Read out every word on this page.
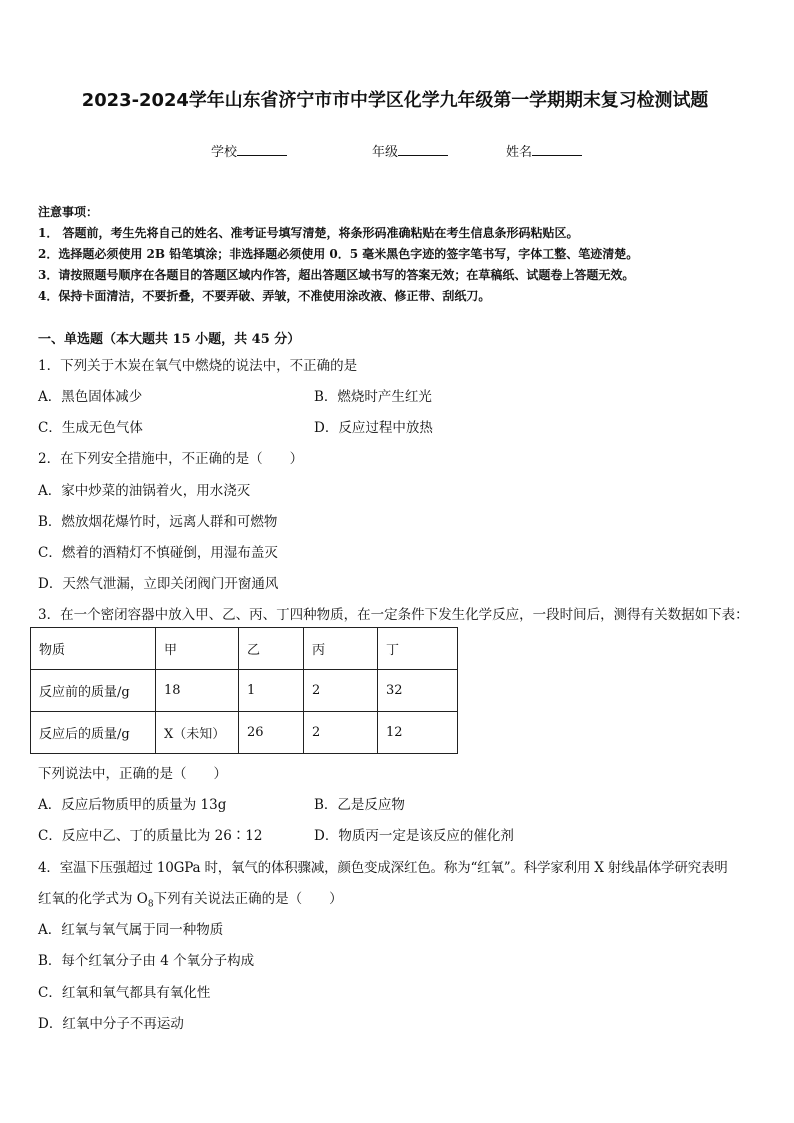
2023-2024学年山东省济宁市市中学区化学九年级第一学期期末复习检测试题
学校	年级	姓名
注意事项：
1． 答题前，考生先将自己的姓名、准考证号填写清楚，将条形码准确粘贴在考生信息条形码粘贴区。
2．选择题必须使用 2B 铅笔填涂；非选择题必须使用 0．5 毫米黑色字迹的签字笔书写，字体工整、笔迹清楚。
3．请按照题号顺序在各题目的答题区域内作答，超出答题区域书写的答案无效；在草稿纸、试题卷上答题无效。
4．保持卡面清洁，不要折叠，不要弄破、弄皱，不准使用涂改液、修正带、刮纸刀。
一、单选题（本大题共 15 小题，共 45 分）
1．下列关于木炭在氧气中燃烧的说法中，不正确的是
A．黑色固体减少	B．燃烧时产生红光
C．生成无色气体	D．反应过程中放热
2．在下列安全措施中，不正确的是（　　）
A．家中炒菜的油锅着火，用水浇灭
B．燃放烟花爆竹时，远离人群和可燃物
C．燃着的酒精灯不慎碰倒，用湿布盖灭
D．天然气泄漏，立即关闭阀门开窗通风
3．在一个密闭容器中放入甲、乙、丙、丁四种物质，在一定条件下发生化学反应，一段时间后，测得有关数据如下表：
物质	甲	乙	丙	丁
反应前的质量/g	18	1	2	32
反应后的质量/g	X（未知）	26	2	12
下列说法中，正确的是（　　）
A．反应后物质甲的质量为 13g	B．乙是反应物
C．反应中乙、丁的质量比为 26∶12	D．物质丙一定是该反应的催化剂
4．室温下压强超过 10GPa 时，氧气的体积骤减，颜色变成深红色。称为“红氧”。科学家利用 X 射线晶体学研究表明
红氧的化学式为 $O_8$下列有关说法正确的是（　　）
A．红氧与氧气属于同一种物质
B．每个红氧分子由 4 个氧分子构成
C．红氧和氧气都具有氧化性
D．红氧中分子不再运动
